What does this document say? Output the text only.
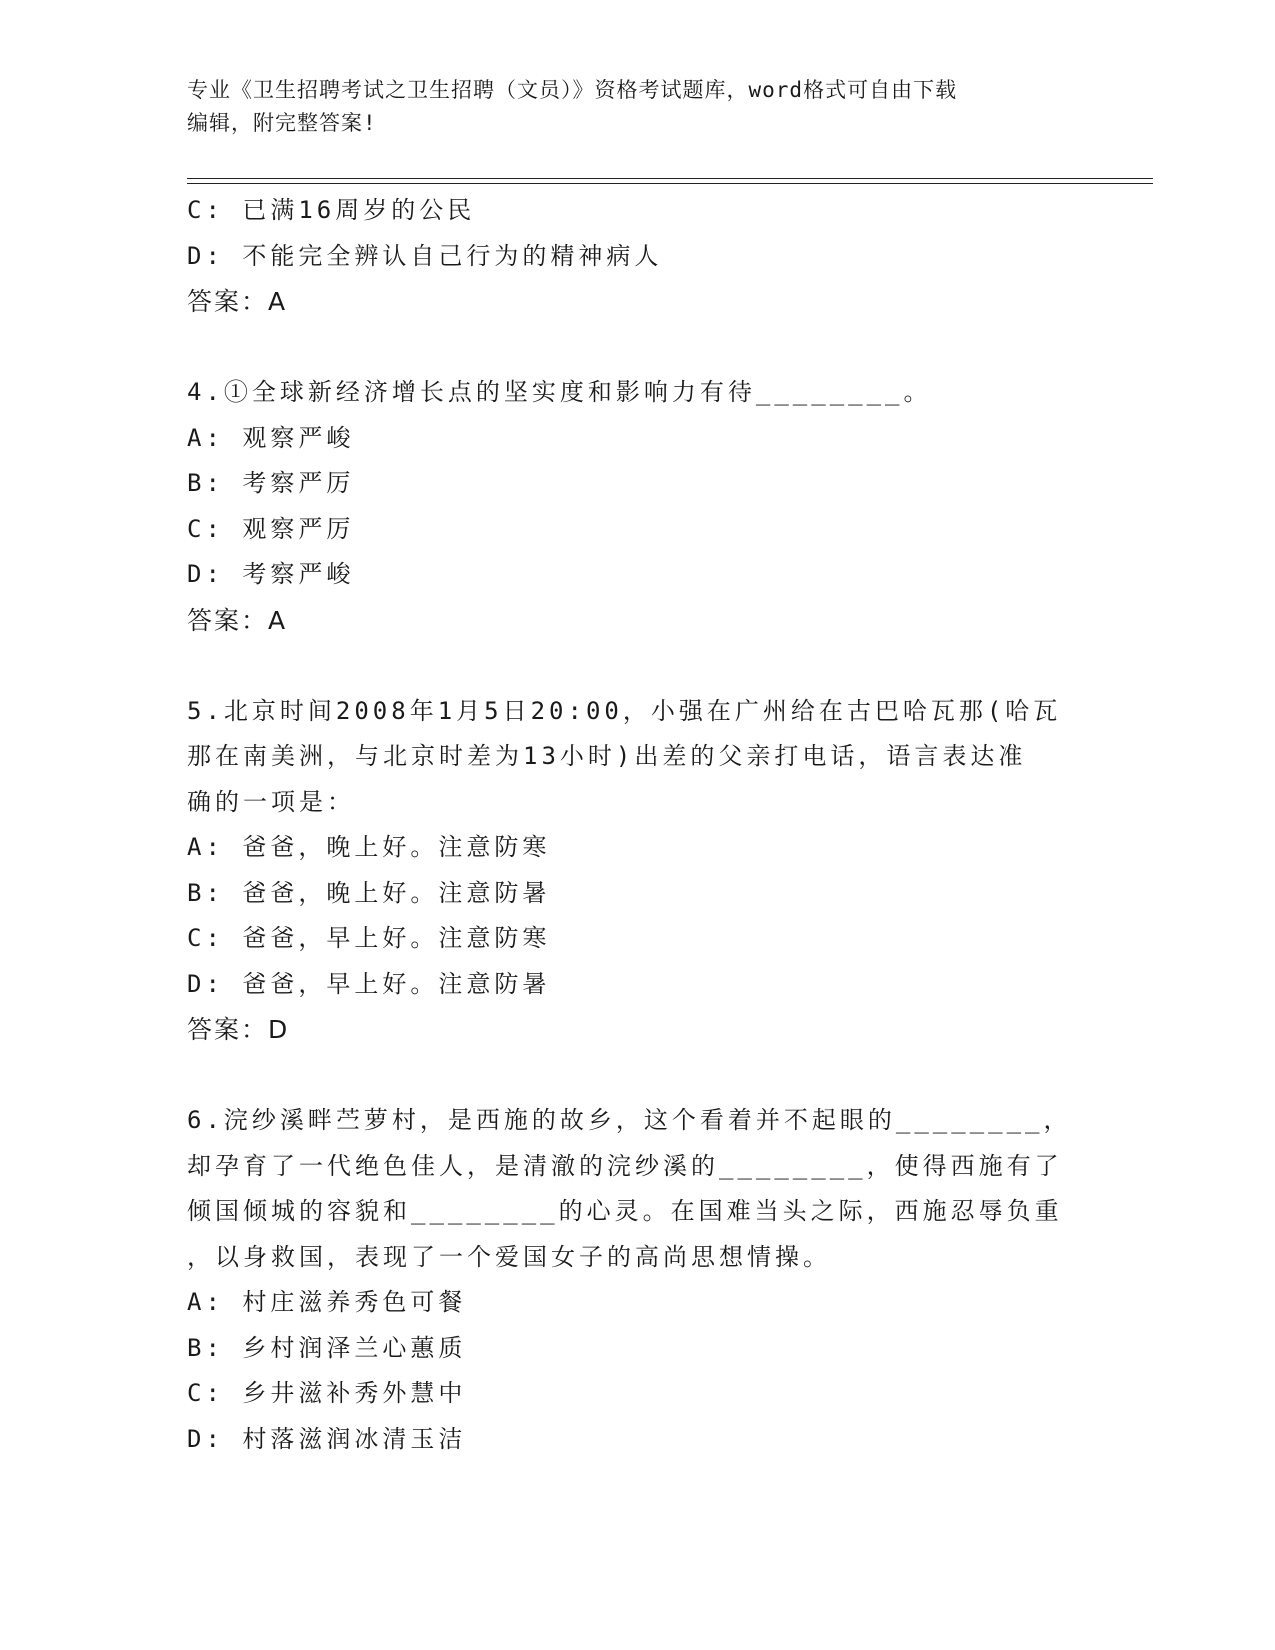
专业《卫生招聘考试之卫生招聘（文员）》资格考试题库，word格式可自由下载
编辑，附完整答案!
C: 已满16周岁的公民
D: 不能完全辨认自己行为的精神病人
答案：A
4.①全球新经济增长点的坚实度和影响力有待________。
A: 观察严峻
B: 考察严厉
C: 观察严厉
D: 考察严峻
答案：A
5.北京时间2008年1月5日20:00，小强在广州给在古巴哈瓦那(哈瓦
那在南美洲，与北京时差为13小时)出差的父亲打电话，语言表达准
确的一项是：
A: 爸爸，晚上好。注意防寒
B: 爸爸，晚上好。注意防暑
C: 爸爸，早上好。注意防寒
D: 爸爸，早上好。注意防暑
答案：D
6.浣纱溪畔苎萝村，是西施的故乡，这个看着并不起眼的________，
却孕育了一代绝色佳人，是清澈的浣纱溪的________，使得西施有了
倾国倾城的容貌和________的心灵。在国难当头之际，西施忍辱负重
，以身救国，表现了一个爱国女子的高尚思想情操。
A: 村庄滋养秀色可餐
B: 乡村润泽兰心蕙质
C: 乡井滋补秀外慧中
D: 村落滋润冰清玉洁
